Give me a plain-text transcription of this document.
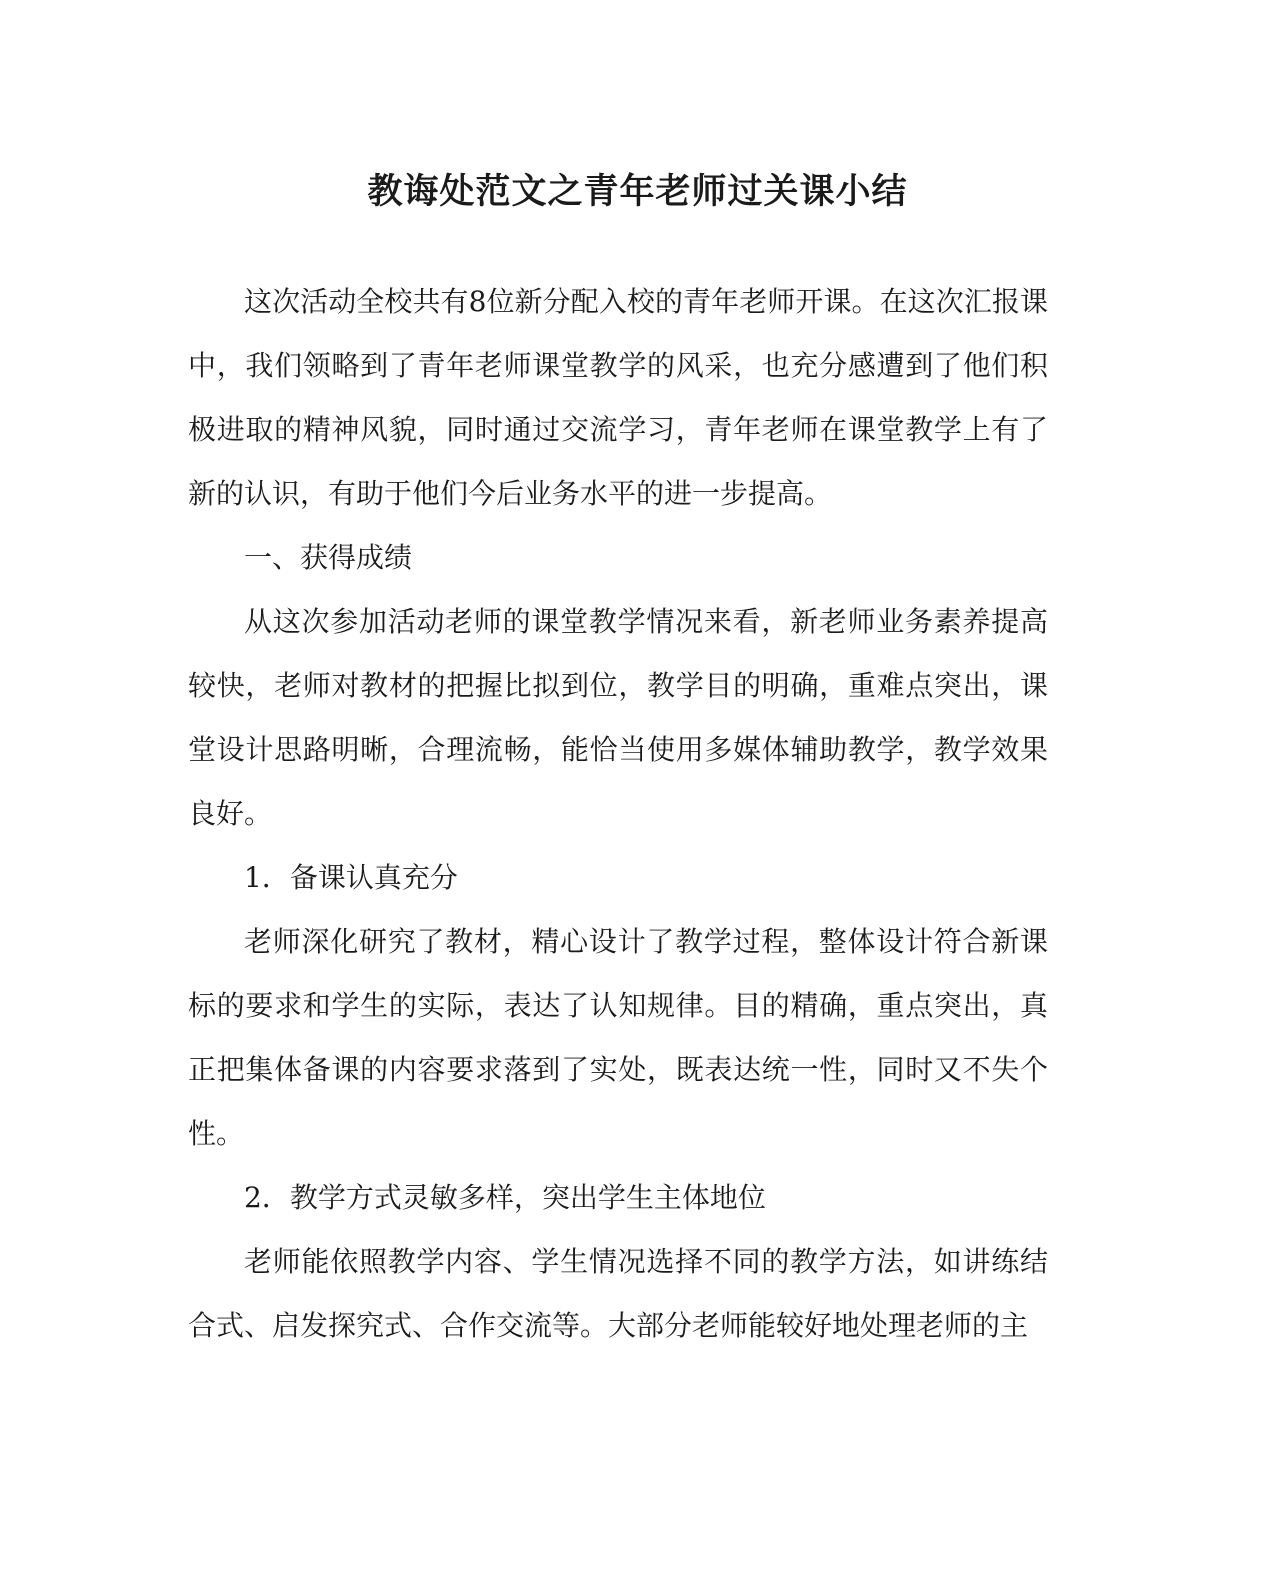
教诲处范文之青年老师过关课小结

这次活动全校共有8位新分配入校的青年老师开课。在这次汇报课中，我们领略到了青年老师课堂教学的风采，也充分感遭到了他们积极进取的精神风貌，同时通过交流学习，青年老师在课堂教学上有了新的认识，有助于他们今后业务水平的进一步提高。

一、获得成绩

从这次参加活动老师的课堂教学情况来看，新老师业务素养提高较快，老师对教材的把握比拟到位，教学目的明确，重难点突出，课堂设计思路明晰，合理流畅，能恰当使用多媒体辅助教学，教学效果良好。

1．备课认真充分

老师深化研究了教材，精心设计了教学过程，整体设计符合新课标的要求和学生的实际，表达了认知规律。目的精确，重点突出，真正把集体备课的内容要求落到了实处，既表达统一性，同时又不失个性。

2．教学方式灵敏多样，突出学生主体地位

老师能依照教学内容、学生情况选择不同的教学方法，如讲练结合式、启发探究式、合作交流等。大部分老师能较好地处理老师的主
